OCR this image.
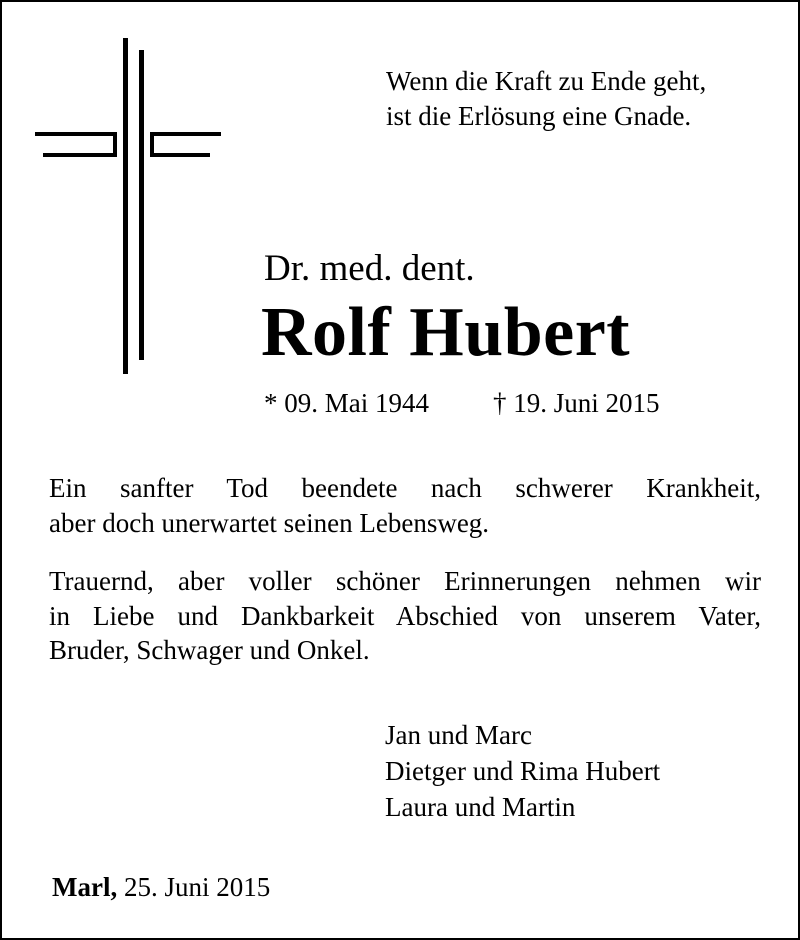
Wenn die Kraft zu Ende geht,
ist die Erlösung eine Gnade.
Dr. med. dent.
Rolf Hubert
* 09. Mai 1944 † 19. Juni 2015
Ein sanfter Tod beendete nach schwerer Krankheit,
aber doch unerwartet seinen Lebensweg.
Trauernd, aber voller schöner Erinnerungen nehmen wir
in Liebe und Dankbarkeit Abschied von unserem Vater,
Bruder, Schwager und Onkel.
Jan und Marc
Dietger und Rima Hubert
Laura und Martin
Marl, 25. Juni 2015
